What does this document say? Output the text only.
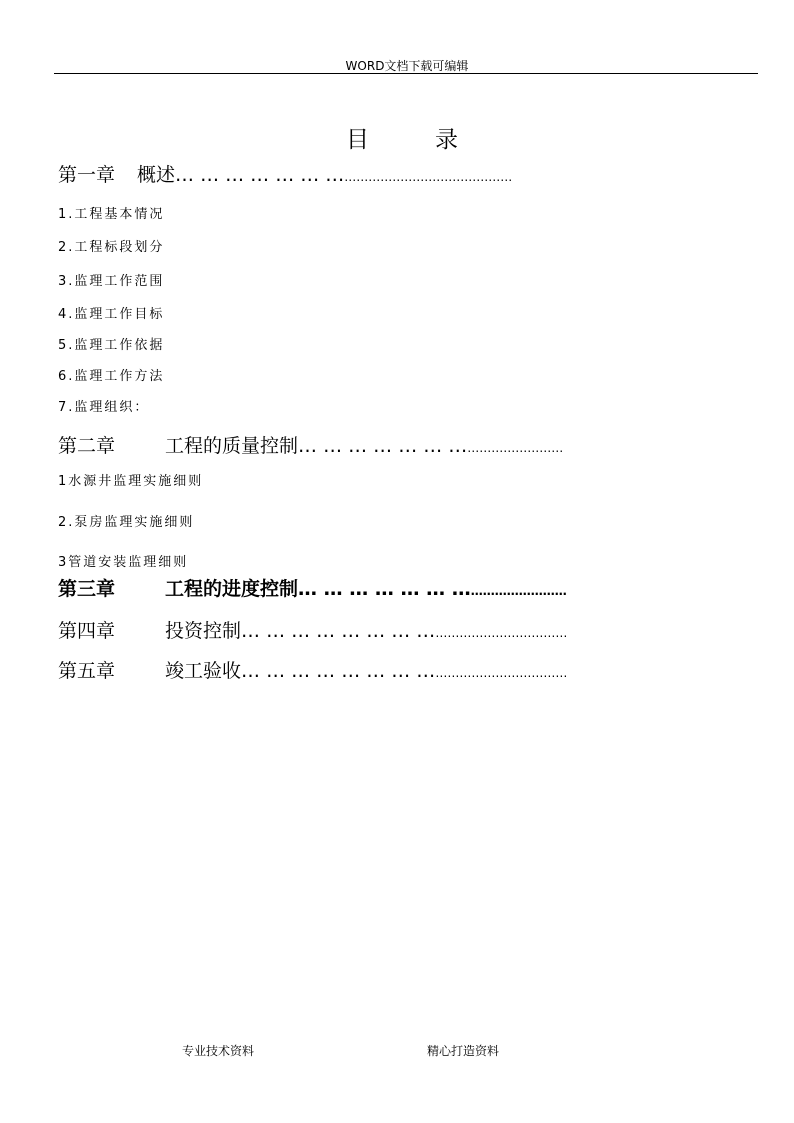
WORD文档下载可编辑
目	录
第一章 概述… … … … … … ………………………………………
1.工程基本情况
2.工程标段划分
3.监理工作范围
4.监理工作目标
5.监理工作依据
6.监理工作方法
7.监理组织：
第二章	工程的质量控制… … … … … … ………………………
1水源井监理实施细则
2.泵房监理实施细则
3管道安装监理细则
第三章	工程的进度控制… … … … … … ………………………
第四章	投资控制… … … … … … … ………………………………
第五章	竣工验收… … … … … … … ………………………………
专业技术资料	精心打造资料
